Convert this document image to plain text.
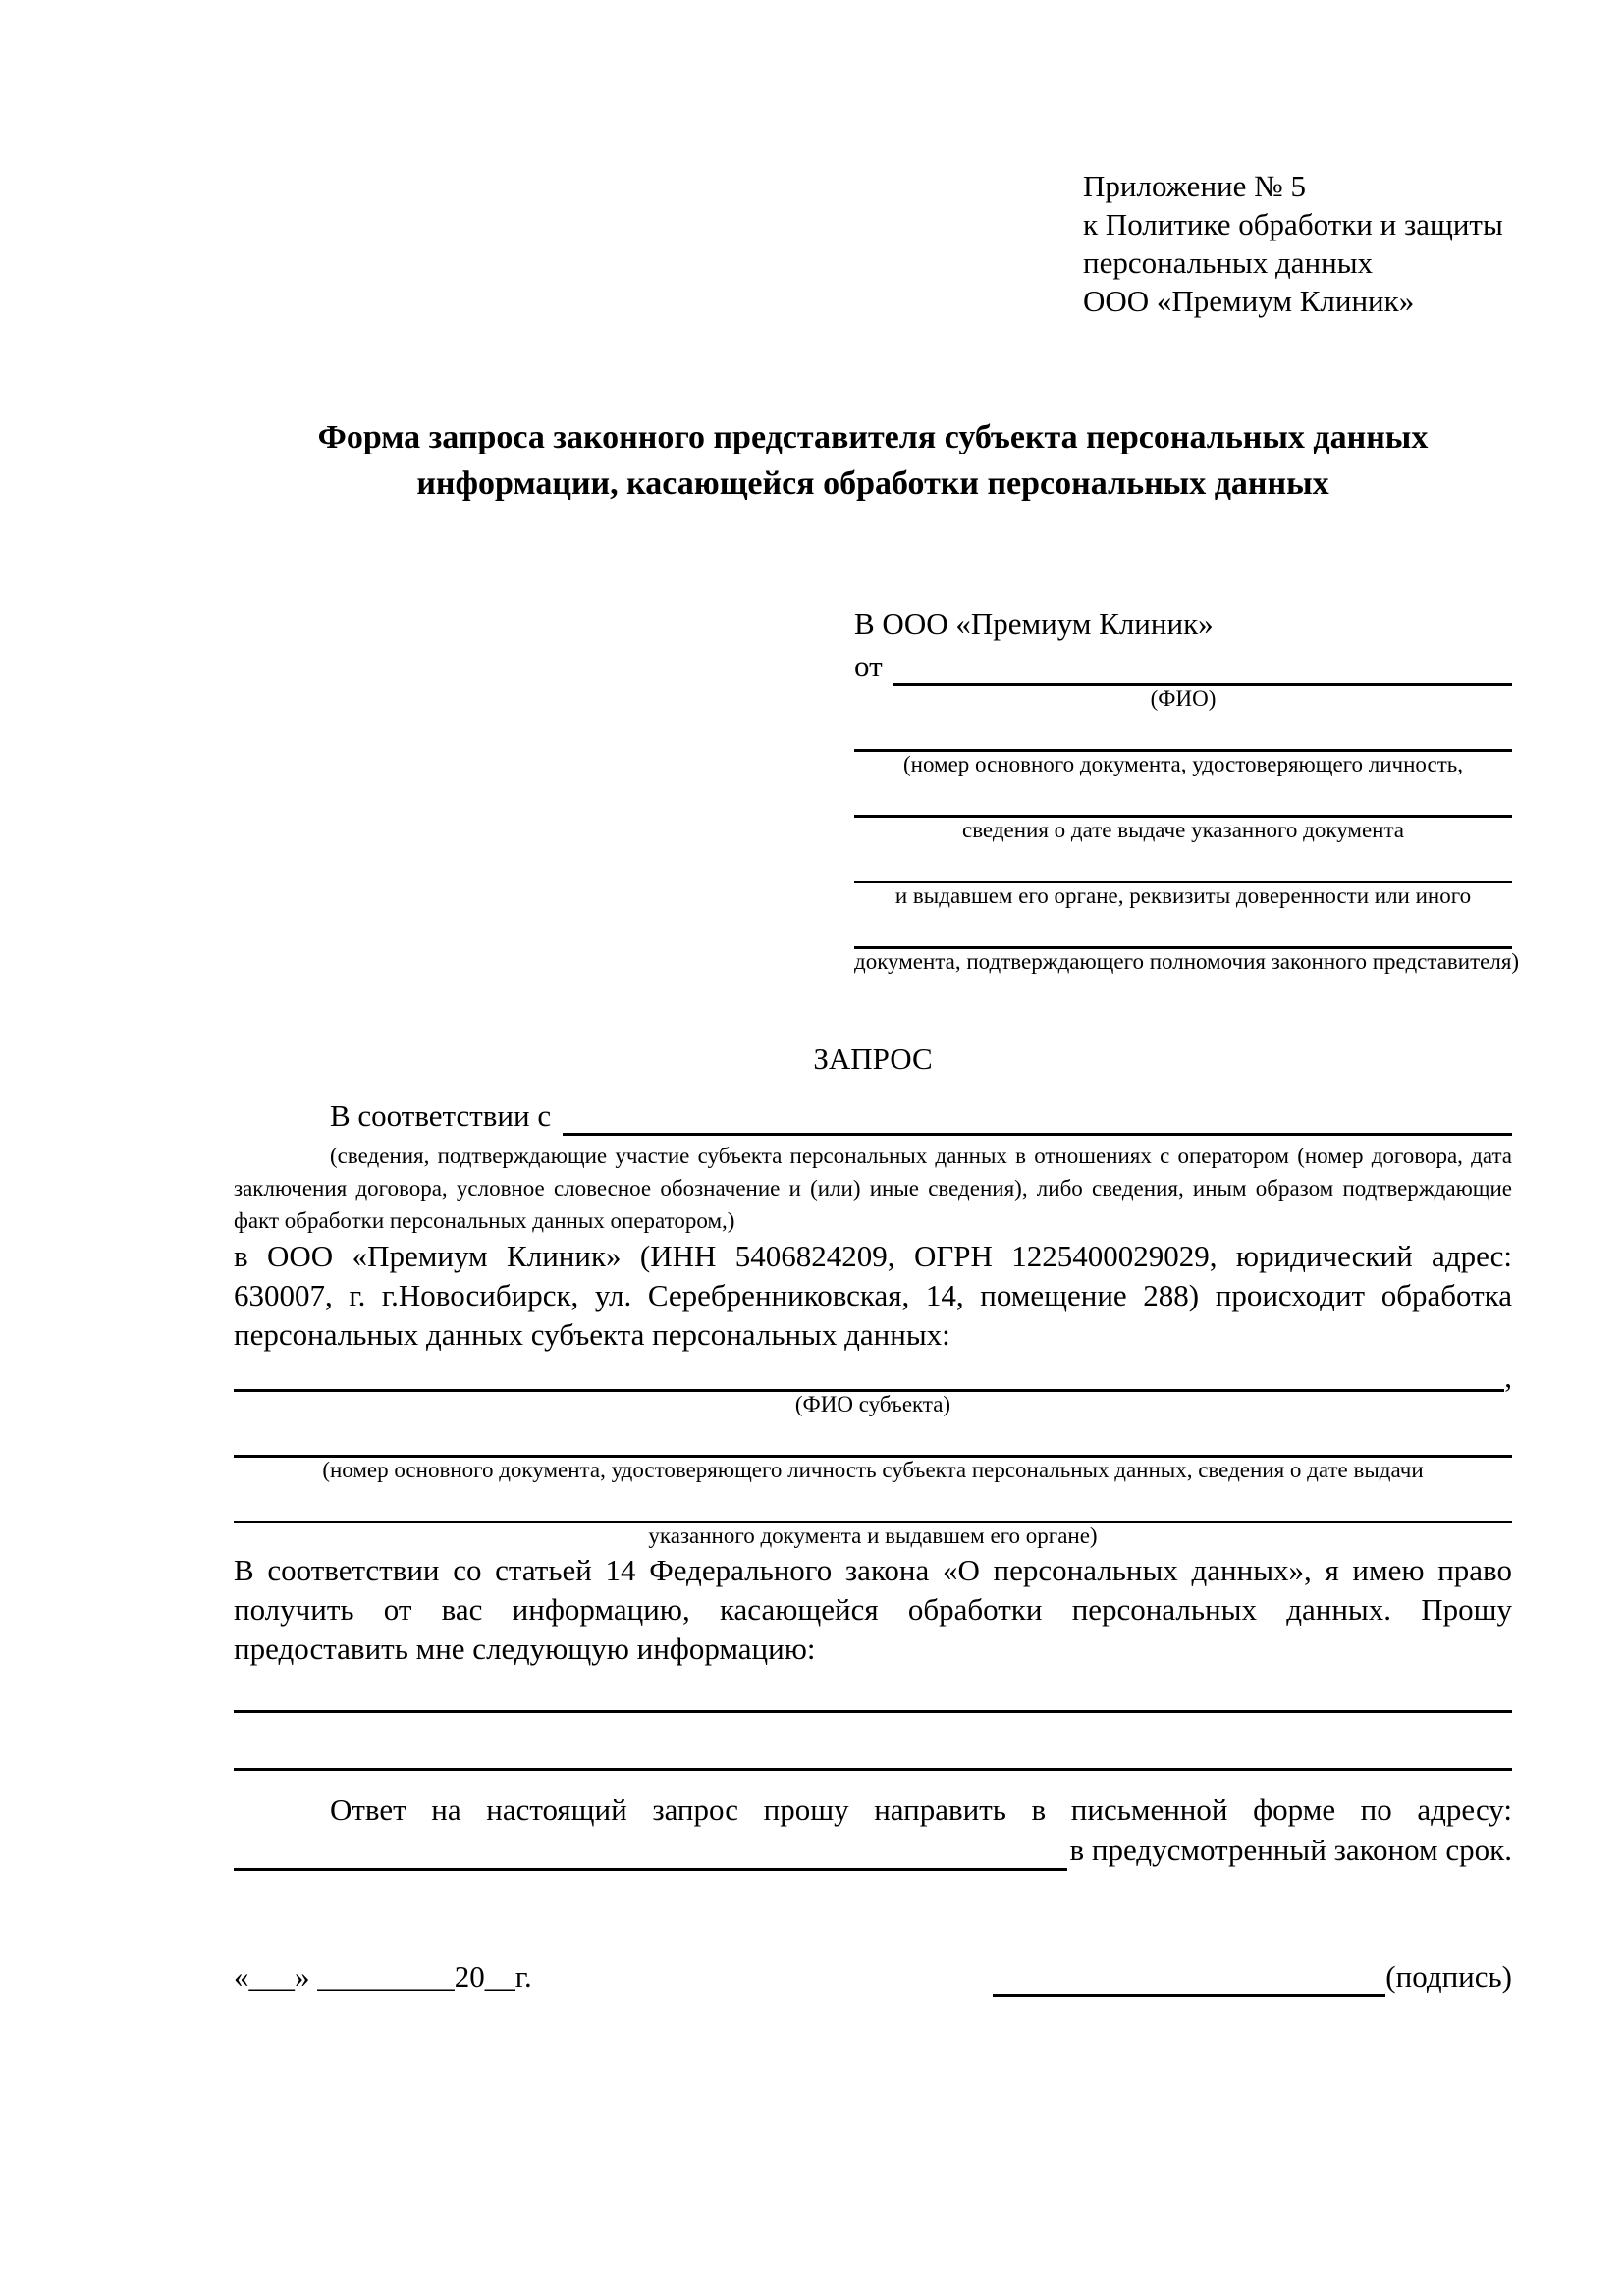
Приложение № 5
к Политике обработки и защиты
персональных данных
ООО «Премиум Клиник»
Форма запроса законного представителя субъекта персональных данных информации, касающейся обработки персональных данных
В ООО «Премиум Клиник»
от
(ФИО)
(номер основного документа, удостоверяющего личность,
сведения о дате выдаче указанного документа
и выдавшем его органе, реквизиты доверенности или иного
документа, подтверждающего полномочия законного представителя)
ЗАПРОС
В соответствии с
(сведения, подтверждающие участие субъекта персональных данных в отношениях с оператором (номер договора, дата заключения договора, условное словесное обозначение и (или) иные сведения), либо сведения, иным образом подтверждающие факт обработки персональных данных оператором,)
в ООО «Премиум Клиник» (ИНН 5406824209, ОГРН 1225400029029, юридический адрес: 630007, г. г.Новосибирск, ул. Серебренниковская, 14, помещение 288) происходит обработка персональных данных субъекта персональных данных:
,
(ФИО субъекта)
(номер основного документа, удостоверяющего личность субъекта персональных данных, сведения о дате выдачи
указанного документа и выдавшем его органе)
В соответствии со статьей 14 Федерального закона «О персональных данных», я имею право получить от вас информацию, касающейся обработки персональных данных. Прошу предоставить мне следующую информацию:
Ответ на настоящий запрос прошу направить в письменной форме по адресу:
в предусмотренный законом срок.
«___» _________20__г.	(подпись)
